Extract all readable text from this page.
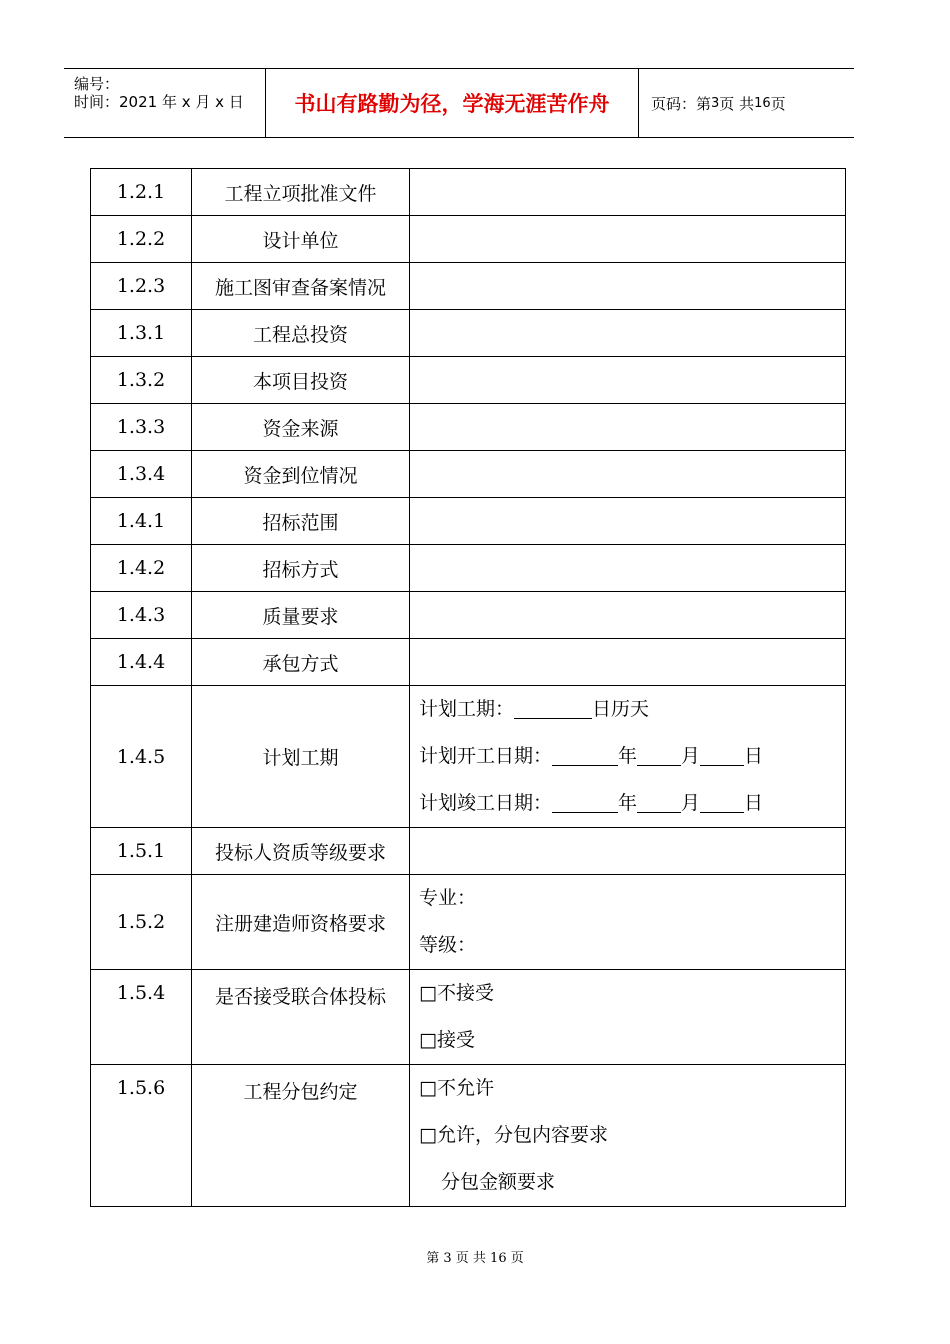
编号：
时间：2021 年 x 月 x 日	书山有路勤为径，学海无涯苦作舟	页码：第 3 页 共 16 页
1.2.1	工程立项批准文件	
1.2.2	设计单位	
1.2.3	施工图审查备案情况	
1.3.1	工程总投资	
1.3.2	本项目投资	
1.3.3	资金来源	
1.3.4	资金到位情况	
1.4.1	招标范围	
1.4.2	招标方式	
1.4.3	质量要求	
1.4.4	承包方式	
1.4.5	计划工期	计划工期： 日历天
计划开工日期： 年 月 日
计划竣工日期： 年 月 日

1.5.1	投标人资质等级要求	
1.5.2	注册建造师资格要求	专业：
等级：

1.5.4	是否接受联合体投标	□不接受
□接受

1.5.6	工程分包约定	□不允许
□允许，分包内容要求
分包金额要求
第 3 页 共 16 页
